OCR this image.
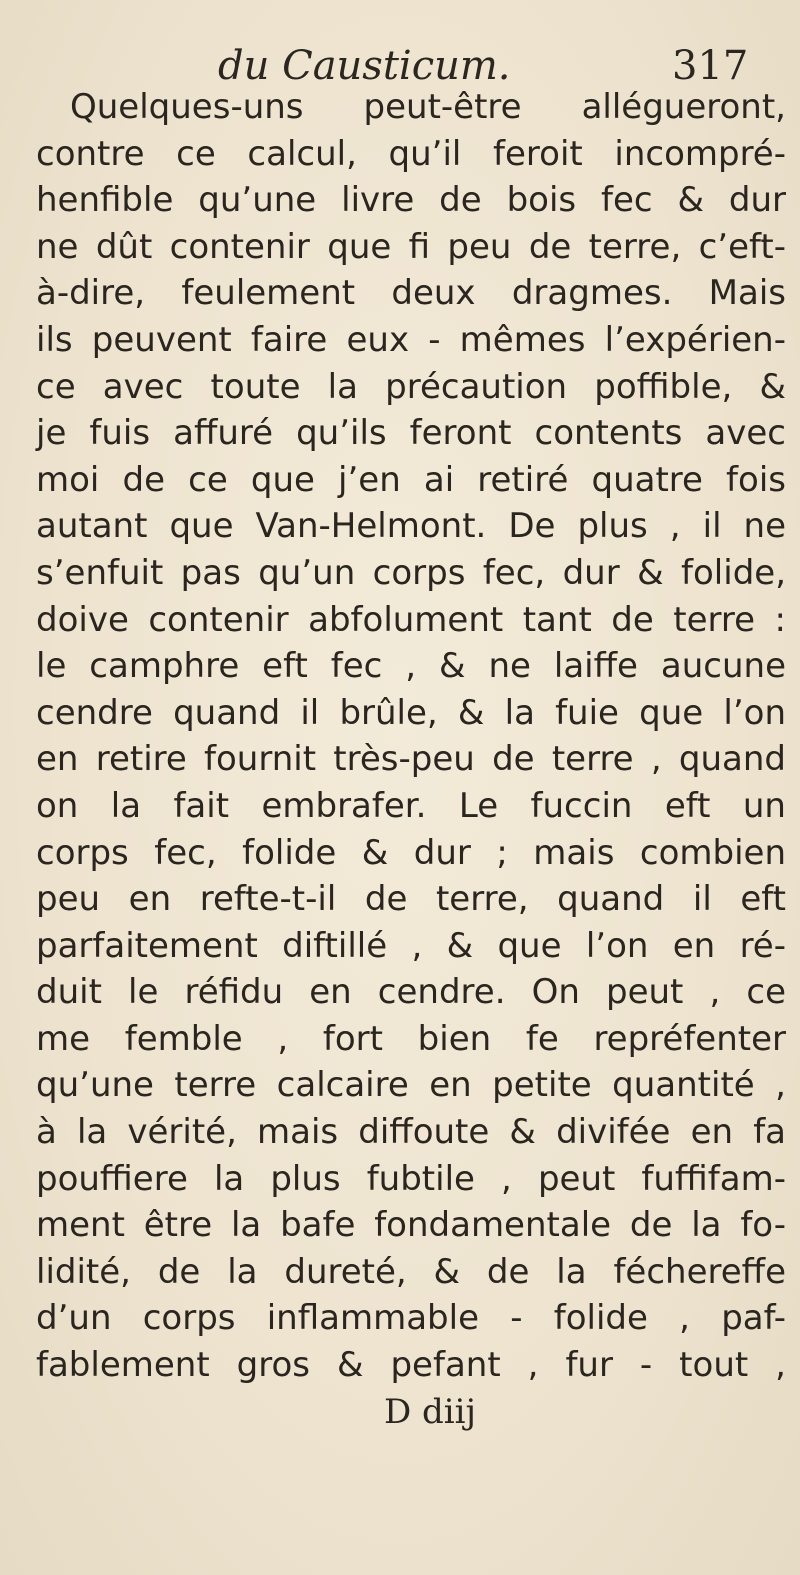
du Causticum.	317
Quelques-uns peut-être allégueront,
contre ce calcul, qu’il feroit incompré-
henfible qu’une livre de bois fec & dur
ne dût contenir que fi peu de terre, c’eft-
à-dire, feulement deux dragmes. Mais
ils peuvent faire eux - mêmes l’expérien-
ce avec toute la précaution poffible, &
je fuis affuré qu’ils feront contents avec
moi de ce que j’en ai retiré quatre fois
autant que Van-Helmont. De plus , il ne
s’enfuit pas qu’un corps fec, dur & folide,
doive contenir abfolument tant de terre :
le camphre eft fec , & ne laiffe aucune
cendre quand il brûle, & la fuie que l’on
en retire fournit très-peu de terre , quand
on la fait embrafer. Le fuccin eft un
corps fec, folide & dur ; mais combien
peu en refte-t-il de terre, quand il eft
parfaitement diftillé , & que l’on en ré-
duit le réfidu en cendre. On peut , ce
me femble , fort bien fe repréfenter
qu’une terre calcaire en petite quantité ,
à la vérité, mais diffoute & divifée en fa
pouffiere la plus fubtile , peut fuffifam-
ment être la bafe fondamentale de la fo-
lidité, de la dureté, & de la féchereffe
d’un corps inflammable - folide , paf-
fablement gros & pefant , fur - tout ,
D diij
